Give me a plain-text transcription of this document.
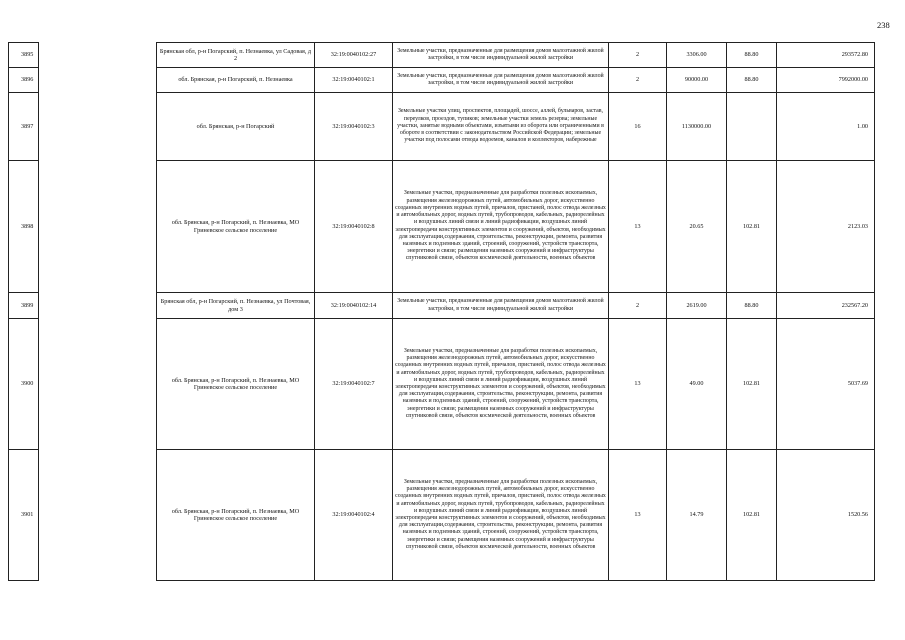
238
3895		Брянская обл, р-н Погарский, п. Незнаевка, ул Садовая, д 2	32:19:0040102:27	Земельные участки, предназначенные для размещения домов малоэтажной жилой застройки, в том числе индивидуальной жилой застройки	2	3306.00	88.80	293572.80
3896		обл. Брянская, р-н Погарский, п. Незнаевка	32:19:0040102:1	Земельные участки, предназначенные для размещения домов малоэтажной жилой застройки, в том числе индивидуальной жилой застройки	2	90000.00	88.80	7992000.00
3897		обл. Брянская, р-н Погарский	32:19:0040102:3	Земельные участки улиц, проспектов, площадей, шоссе, аллей, бульваров, застав, переулков, проездов, тупиков; земельные участки земель резерва; земельные участки, занятые водными объектами, изъятыми из оборота или ограниченными в обороте в соответствии с законодательством Российской Федерации; земельные участки под полосами отвода водоемов, каналов и коллекторов, набережные	16	1130000.00		1.00
3898		обл. Брянская, р-н Погарский, п. Незнаевка, МО Гриневское сельское поселение	32:19:0040102:8	Земельные участки, предназначенные для разработки полезных ископаемых, размещения железнодорожных путей, автомобильных дорог, искусственно созданных внутренних водных путей, причалов, пристаней, полос отвода железных и автомобильных дорог, водных путей, трубопроводов, кабельных, радиорелейных и воздушных линий связи и линий радиофикации, воздушных линий электропередачи конструктивных элементов и сооружений, объектов, необходимых для эксплуатации,содержания, строительства, реконструкции, ремонта, развития наземных и подземных зданий, строений, сооружений, устройств транспорта, энергетики и связи; размещения наземных сооружений и инфраструктуры спутниковой связи, объектов космической деятельности, военных объектов	13	20.65	102.81	2123.03
3899		Брянская обл, р-н Погарский, п. Незнаевка, ул Почтовая, дом 3	32:19:0040102:14	Земельные участки, предназначенные для размещения домов малоэтажной жилой застройки, в том числе индивидуальной жилой застройки	2	2619.00	88.80	232567.20
3900		обл. Брянская, р-н Погарский, п. Незнаевка, МО Гриневское сельское поселение	32:19:0040102:7	Земельные участки, предназначенные для разработки полезных ископаемых, размещения железнодорожных путей, автомобильных дорог, искусственно созданных внутренних водных путей, причалов, пристаней, полос отвода железных и автомобильных дорог, водных путей, трубопроводов, кабельных, радиорелейных и воздушных линий связи и линий радиофикации, воздушных линий электропередачи конструктивных элементов и сооружений, объектов, необходимых для эксплуатации,содержания, строительства, реконструкции, ремонта, развития наземных и подземных зданий, строений, сооружений, устройств транспорта, энергетики и связи; размещения наземных сооружений и инфраструктуры спутниковой связи, объектов космической деятельности, военных объектов	13	49.00	102.81	5037.69
3901		обл. Брянская, р-н Погарский, п. Незнаевка, МО Гриневское сельское поселение	32:19:0040102:4	Земельные участки, предназначенные для разработки полезных ископаемых, размещения железнодорожных путей, автомобильных дорог, искусственно созданных внутренних водных путей, причалов, пристаней, полос отвода железных и автомобильных дорог, водных путей, трубопроводов, кабельных, радиорелейных и воздушных линий связи и линий радиофикации, воздушных линий электропередачи конструктивных элементов и сооружений, объектов, необходимых для эксплуатации,содержания, строительства, реконструкции, ремонта, развития наземных и подземных зданий, строений, сооружений, устройств транспорта, энергетики и связи; размещения наземных сооружений и инфраструктуры спутниковой связи, объектов космической деятельности, военных объектов	13	14.79	102.81	1520.56
